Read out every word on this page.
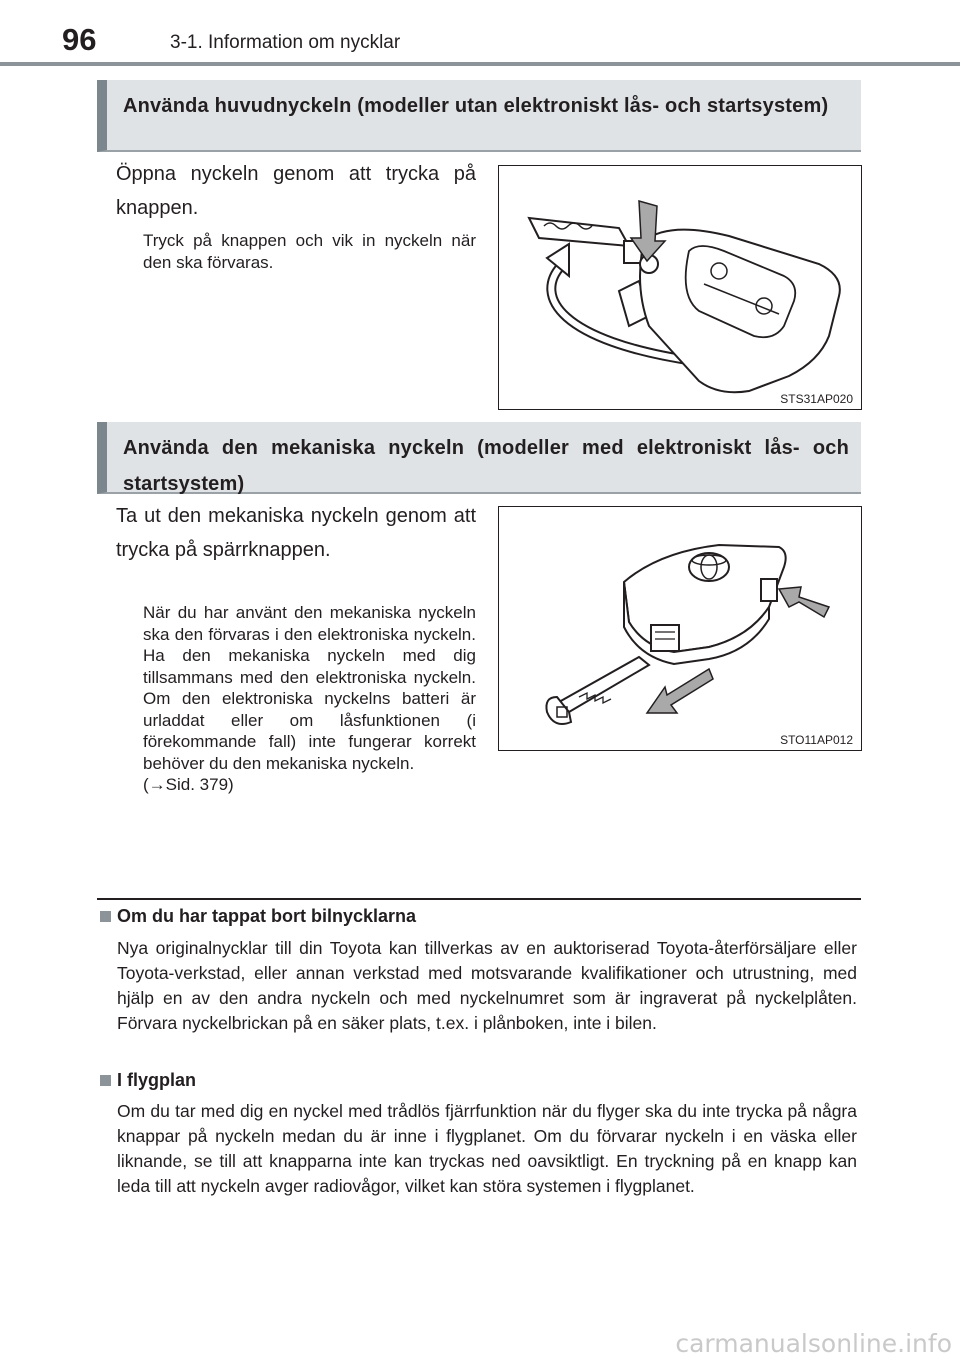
96	3-1. Information om nycklar

Använda huvudnyckeln (modeller utan elektroniskt lås- och startsystem)

Öppna nyckeln genom att trycka på knappen.

Tryck på knappen och vik in nyckeln när den ska förvaras.

STS31AP020

Använda den mekaniska nyckeln (modeller med elektroniskt lås- och startsystem)

Ta ut den mekaniska nyckeln genom att trycka på spärrknappen.

När du har använt den mekaniska nyckeln ska den förvaras i den elektroniska nyckeln. Ha den mekaniska nyckeln med dig tillsammans med den elektroniska nyckeln. Om den elektroniska nyckelns batteri är urladdat eller om låsfunktionen (i förekommande fall) inte fungerar korrekt behöver du den mekaniska nyckeln.

(→Sid. 379)

STO11AP012

Om du har tappat bort bilnycklarna

Nya originalnycklar till din Toyota kan tillverkas av en auktoriserad Toyota-återförsäljare eller Toyota-verkstad, eller annan verkstad med motsvarande kvalifikationer och utrustning, med hjälp en av den andra nyckeln och med nyckelnumret som är ingraverat på nyckelplåten. Förvara nyckelbrickan på en säker plats, t.ex. i plånboken, inte i bilen.

I flygplan

Om du tar med dig en nyckel med trådlös fjärrfunktion när du flyger ska du inte trycka på några knappar på nyckeln medan du är inne i flygplanet. Om du förvarar nyckeln i en väska eller liknande, se till att knapparna inte kan tryckas ned oavsiktligt. En tryckning på en knapp kan leda till att nyckeln avger radiovågor, vilket kan störa systemen i flygplanet.

carmanualsonline.info
